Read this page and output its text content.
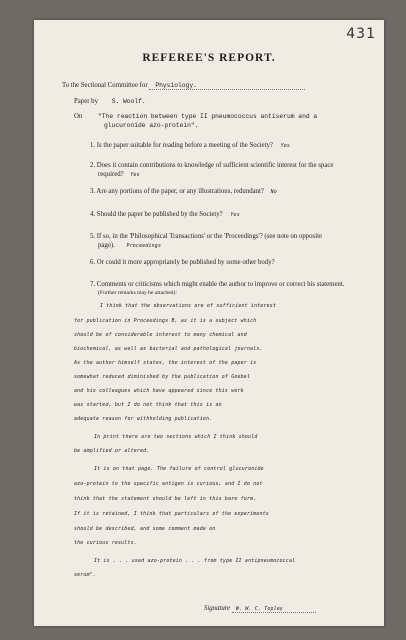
431
REFEREE'S REPORT.
To the Sectional Committee for Physiology.
Paper by S. Woolf.
On "The reaction between type II pneumococcus antiserum and a
glucuronide azo-protein".
1. Is the paper suitable for reading before a meeting of the Society? Yes
2. Does it contain contributions to knowledge of sufficient scientific interest for the space
required? Yes
3. Are any portions of the paper, or any illustrations, redundant? No
4. Should the paper be published by the Society? Yes
5. If so, in the 'Philosophical Transactions' or the 'Proceedings'? (see note on opposite
page). Proceedings
6. Or could it more appropriately be published by some other body?
7. Comments or criticisms which might enable the author to improve or correct his statement.
(Further remarks may be attached):
I think that the observations are of sufficient interest
for publication in Proceedings B, as it is a subject which
should be of considerable interest to many chemical and
biochemical, as well as bacterial and pathological journals.
As the author himself states, the interest of the paper is
somewhat reduced diminished by the publication of Goebel
and his colleagues which have appeared since this work
was started, but I do not think that this is an
adequate reason for withholding publication.
In print there are two sections which I think should
be amplified or altered.
It is on that page. The failure of control glucuronide
azo-protein to the specific antigen is curious, and I do not
think that the statement should be left in this bare form.
If it is retained, I think that particulars of the experiments
should be described, and some comment made on
the curious results.
It is . . . used azo-protein . . . from type II antipneumococcal
serum".
Signature W. W. C. Topley
